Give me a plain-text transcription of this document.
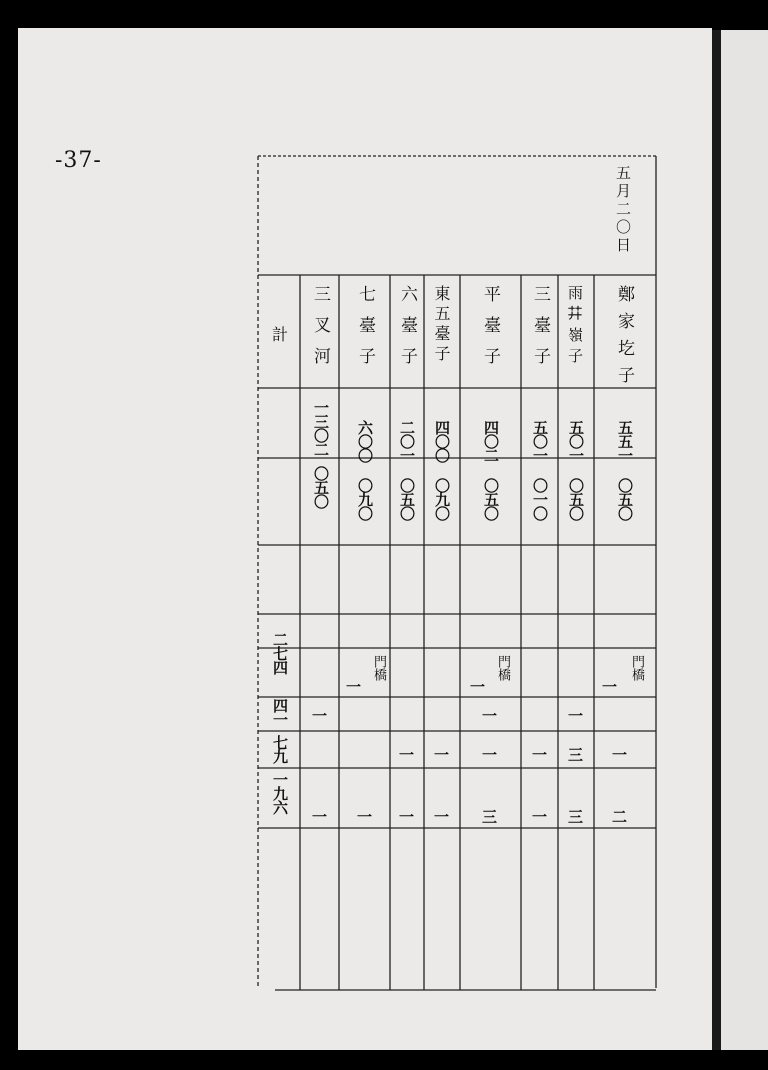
-37-
五月二〇日
計	鄭家圪子
五五一
〇五〇
門橋
一
一
二
雨𦬇嶺子
五〇一
〇五〇
一
三
三
三臺子
五〇一
〇一〇
一
一
平臺子
四〇二
〇五〇
門橋
一
一
一
三
東五臺子
四〇〇
〇九〇
一
一
六臺子
二〇一
〇五〇
一
一
七臺子
六〇〇
〇九〇
門橋
一
一
三叉河
一三〇二
〇五〇
一
一
二七四
四一
七九
一九六
